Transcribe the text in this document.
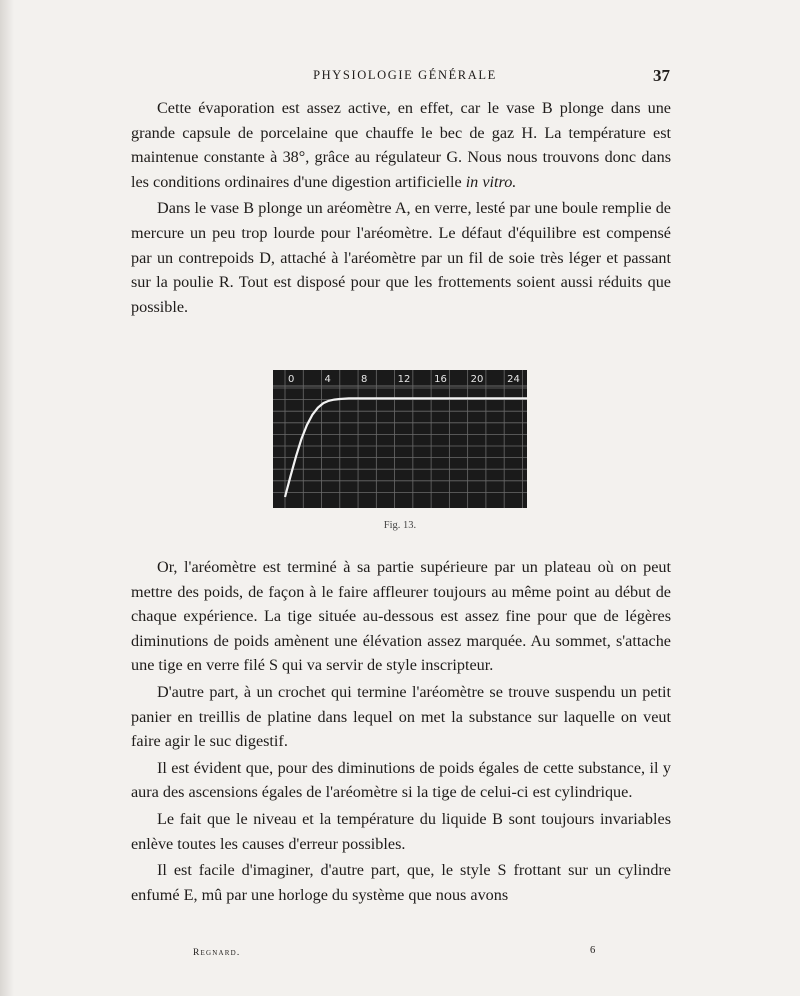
PHYSIOLOGIE GÉNÉRALE	37

Cette évaporation est assez active, en effet, car le vase B plonge dans une grande capsule de porcelaine que chauffe le bec de gaz H. La température est maintenue constante à 38°, grâce au régulateur G. Nous nous trouvons donc dans les conditions ordinaires d'une digestion artificielle in vitro.

Dans le vase B plonge un aréomètre A, en verre, lesté par une boule remplie de mercure un peu trop lourde pour l'aréomètre. Le défaut d'équilibre est compensé par un contrepoids D, attaché à l'aréomètre par un fil de soie très léger et passant sur la poulie R. Tout est disposé pour que les frottements soient aussi réduits que possible.

0	4	8	12 16 20 24
Fig. 13.

Or, l'aréomètre est terminé à sa partie supérieure par un plateau où on peut mettre des poids, de façon à le faire affleurer toujours au même point au début de chaque expérience. La tige située au-dessous est assez fine pour que de légères diminutions de poids amènent une élévation assez marquée. Au sommet, s'attache une tige en verre filé S qui va servir de style inscripteur.

D'autre part, à un crochet qui termine l'aréomètre se trouve suspendu un petit panier en treillis de platine dans lequel on met la substance sur laquelle on veut faire agir le suc digestif.

Il est évident que, pour des diminutions de poids égales de cette substance, il y aura des ascensions égales de l'aréomètre si la tige de celui-ci est cylindrique.

Le fait que le niveau et la température du liquide B sont toujours invariables enlève toutes les causes d'erreur possibles.

Il est facile d'imaginer, d'autre part, que, le style S frottant sur un cylindre enfumé E, mû par une horloge du système que nous avons

Regnard.	6
